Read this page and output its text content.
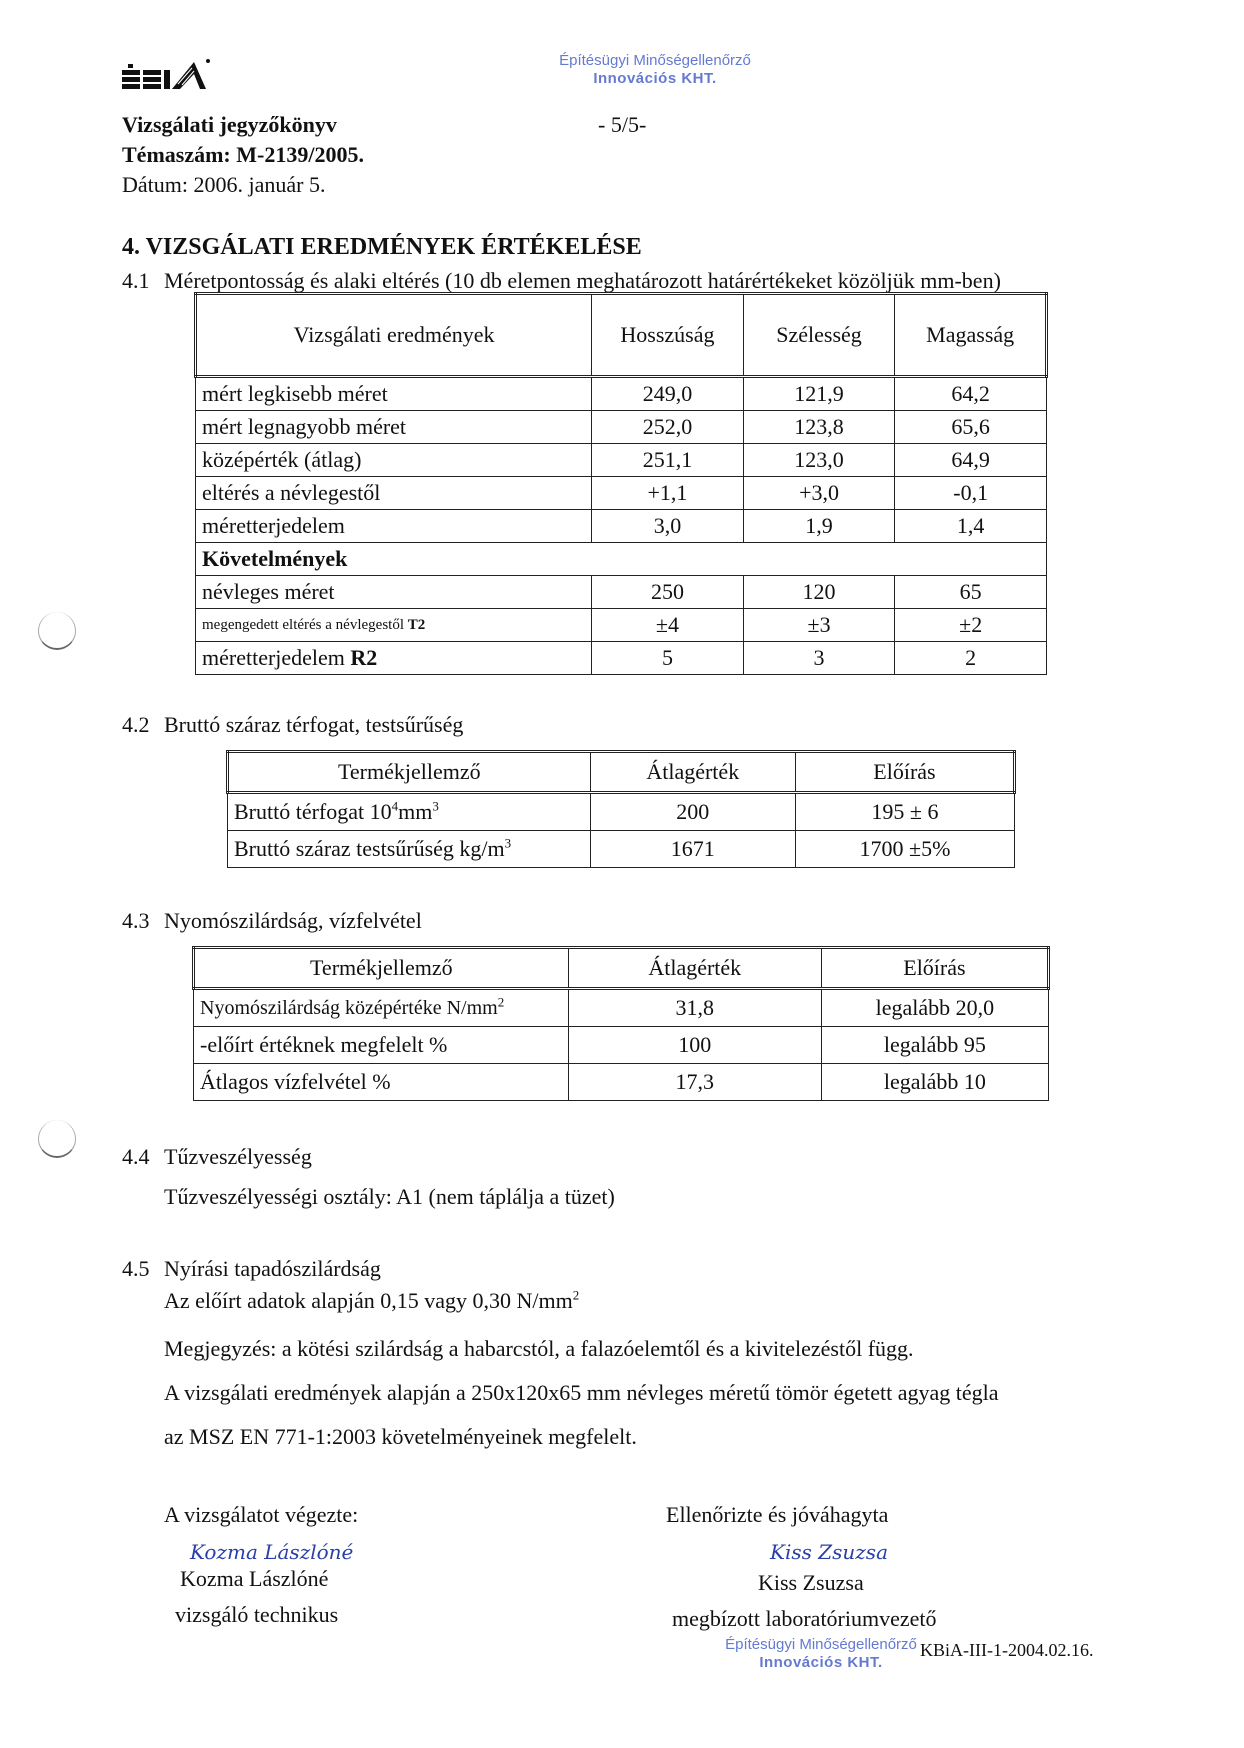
Vizsgálati jegyzőkönyv
Témaszám: M-2139/2005.
Dátum: 2006. január 5.
Építésügyi Minőségellenőrző
Innovációs KHT.
- 5/5-
4. VIZSGÁLATI EREDMÉNYEK ÉRTÉKELÉSE
4.1 Méretpontosság és alaki eltérés (10 db elemen meghatározott határértékeket közöljük mm-ben)
Vizsgálati eredmények	Hosszúság	Szélesség	Magasság
mért legkisebb méret	249,0	121,9	64,2
mért legnagyobb méret	252,0	123,8	65,6
középérték (átlag)	251,1	123,0	64,9
eltérés a névlegestől	+1,1	+3,0	-0,1
méretterjedelem	3,0	1,9	1,4
Követelmények			
névleges méret	250	120	65
megengedett eltérés a névlegestől T2	±4	±3	±2
méretterjedelem R2	5	3	2
4.2 Bruttó száraz térfogat, testsűrűség
Termékjellemző	Átlagérték	Előírás
Bruttó térfogat $10^4mm^3$	200	195 ± 6
Bruttó száraz testsűrűség $kg/m^3$	1671	1700 ±5%
4.3 Nyomószilárdság, vízfelvétel
Termékjellemző	Átlagérték	Előírás
Nyomószilárdság középértéke $N/mm^2$	31,8	legalább 20,0
-előírt értéknek megfelelt %	100	legalább 95
Átlagos vízfelvétel %	17,3	legalább 10
4.4 Tűzveszélyesség
Tűzveszélyességi osztály: A1 (nem táplálja a tüzet)
4.5 Nyírási tapadószilárdság
Az előírt adatok alapján 0,15 vagy 0,30 $N/mm^2$
Megjegyzés: a kötési szilárdság a habarcstól, a falazóelemtől és a kivitelezéstől függ.
A vizsgálati eredmények alapján a 250x120x65 mm névleges méretű tömör égetett agyag tégla
az MSZ EN 771-1:2003 követelményeinek megfelelt.
A vizsgálatot végezte:
Kozma Lászlóné
Kozma Lászlóné
vizsgáló technikus
Ellenőrizte és jóváhagyta
Kiss Zsuzsa
Kiss Zsuzsa
megbízott laboratóriumvezető
Építésügyi Minőségellenőrző
Innovációs KHT.
KBiA-III-1-2004.02.16.
